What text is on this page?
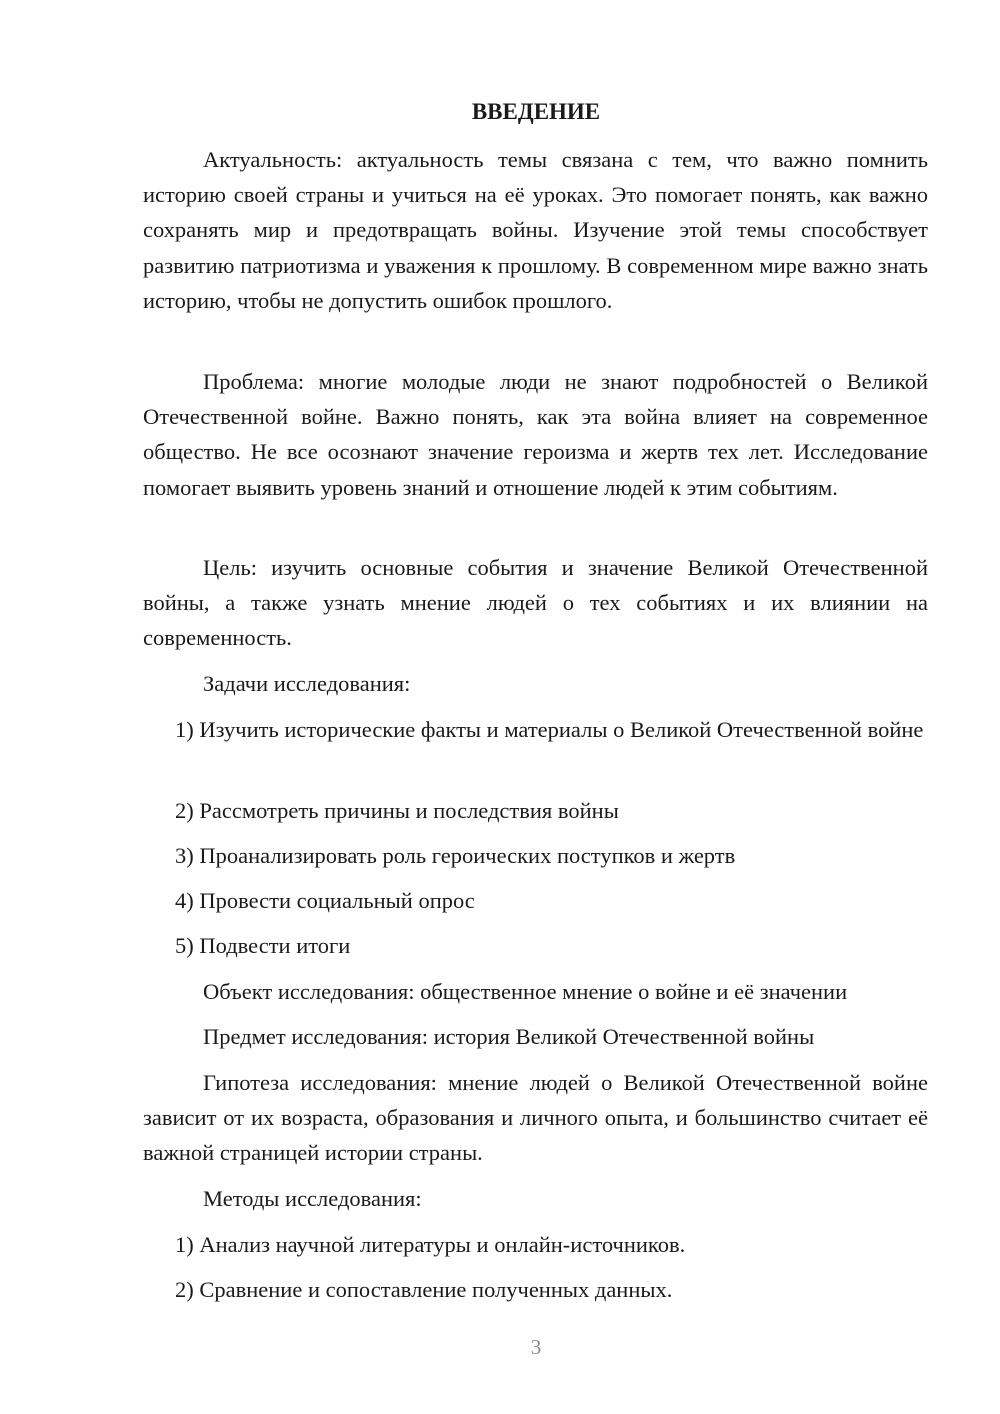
ВВЕДЕНИЕ

Актуальность: актуальность темы связана с тем, что важно помнить историю своей страны и учиться на её уроках. Это помогает понять, как важно сохранять мир и предотвращать войны. Изучение этой темы способствует развитию патриотизма и уважения к прошлому. В современном мире важно знать историю, чтобы не допустить ошибок прошлого.

Проблема: многие молодые люди не знают подробностей о Великой Отечественной войне. Важно понять, как эта война влияет на современное общество. Не все осознают значение героизма и жертв тех лет. Исследование помогает выявить уровень знаний и отношение людей к этим событиям.

Цель: изучить основные события и значение Великой Отечественной войны, а также узнать мнение людей о тех событиях и их влиянии на современность.

Задачи исследования:

1) Изучить исторические факты и материалы о Великой Отечественной войне

2) Рассмотреть причины и последствия войны

3) Проанализировать роль героических поступков и жертв

4) Провести социальный опрос

5) Подвести итоги

Объект исследования: общественное мнение о войне и её значении

Предмет исследования: история Великой Отечественной войны

Гипотеза исследования: мнение людей о Великой Отечественной войне зависит от их возраста, образования и личного опыта, и большинство считает её важной страницей истории страны.

Методы исследования:

1) Анализ научной литературы и онлайн-источников.

2) Сравнение и сопоставление полученных данных.

3
